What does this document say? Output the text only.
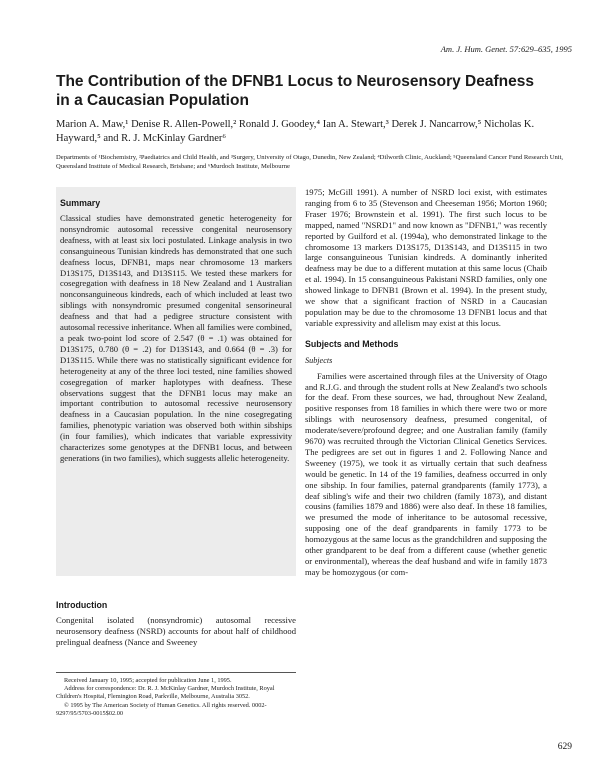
Am. J. Hum. Genet. 57:629–635, 1995
The Contribution of the DFNB1 Locus to Neurosensory Deafness in a Caucasian Population
Marion A. Maw,¹ Denise R. Allen-Powell,² Ronald J. Goodey,⁴ Ian A. Stewart,³ Derek J. Nancarrow,⁵ Nicholas K. Hayward,⁵ and R. J. McKinlay Gardner⁶
Departments of ¹Biochemistry, ²Paediatrics and Child Health, and ³Surgery, University of Otago, Dunedin, New Zealand; ⁴Dilworth Clinic, Auckland; ⁵Queensland Cancer Fund Research Unit, Queensland Institute of Medical Research, Brisbane; and ⁶Murdoch Institute, Melbourne
Summary

Classical studies have demonstrated genetic heterogeneity for nonsyndromic autosomal recessive congenital neurosensory deafness, with at least six loci postulated. Linkage analysis in two consanguineous Tunisian kindreds has demonstrated that one such deafness locus, DFNB1, maps near chromosome 13 markers D13S175, D13S143, and D13S115. We tested these markers for cosegregation with deafness in 18 New Zealand and 1 Australian nonconsanguineous kindreds, each of which included at least two siblings with nonsyndromic presumed congenital sensorineural deafness and that had a pedigree structure consistent with autosomal recessive inheritance. When all families were combined, a peak two-point lod score of 2.547 (θ = .1) was obtained for D13S175, 0.780 (θ = .2) for D13S143, and 0.664 (θ = .3) for D13S115. While there was no statistically significant evidence for heterogeneity at any of the three loci tested, nine families showed cosegregation of marker haplotypes with deafness. These observations suggest that the DFNB1 locus may make an important contribution to autosomal recessive neurosensory deafness in a Caucasian population. In the nine cosegregating families, phenotypic variation was observed both within sibships (in four families), which indicates that variable expressivity characterizes some genotypes at the DFNB1 locus, and between generations (in two families), which suggests allelic heterogeneity.

Introduction

Congenital isolated (nonsyndromic) autosomal recessive neurosensory deafness (NSRD) accounts for about half of childhood prelingual deafness (Nance and Sweeney

Received January 10, 1995; accepted for publication June 1, 1995.

Address for correspondence: Dr. R. J. McKinlay Gardner, Murdoch Institute, Royal Children's Hospital, Flemington Road, Parkville, Melbourne, Australia 3052.

© 1995 by The American Society of Human Genetics. All rights reserved. 0002-9297/95/5703-0015$02.00

1975; McGill 1991). A number of NSRD loci exist, with estimates ranging from 6 to 35 (Stevenson and Cheeseman 1956; Morton 1960; Fraser 1976; Brownstein et al. 1991). The first such locus to be mapped, named "NSRD1" and now known as "DFNB1," was recently reported by Guilford et al. (1994a), who demonstrated linkage to the chromosome 13 markers D13S175, D13S143, and D13S115 in two large consanguineous Tunisian kindreds. A dominantly inherited deafness may be due to a different mutation at this same locus (Chaib et al. 1994). In 15 consanguineous Pakistani NSRD families, only one showed linkage to DFNB1 (Brown et al. 1994). In the present study, we show that a significant fraction of NSRD in a Caucasian population may be due to the chromosome 13 DFNB1 locus and that variable expressivity and allelism may exist at this locus.

Subjects and Methods
Subjects

Families were ascertained through files at the University of Otago and R.J.G. and through the student rolls at New Zealand's two schools for the deaf. From these sources, we had, throughout New Zealand, positive responses from 18 families in which there were two or more siblings with neurosensory deafness, presumed congenital, of moderate/severe/profound degree; and one Australian family (family 9670) was recruited through the Victorian Clinical Genetics Services. The pedigrees are set out in figures 1 and 2. Following Nance and Sweeney (1975), we took it as virtually certain that such deafness would be genetic. In 14 of the 19 families, deafness occurred in only one sibship. In four families, paternal grandparents (family 1773), a deaf sibling's wife and their two children (family 1873), and distant cousins (families 1879 and 1886) were also deaf. In these 18 families, we presumed the mode of inheritance to be autosomal recessive, supposing one of the deaf grandparents in family 1773 to be homozygous at the same locus as the grandchildren and supposing the other grandparent to be deaf from a different cause (whether genetic or environmental), whereas the deaf husband and wife in family 1873 may be homozygous (or com-

629
